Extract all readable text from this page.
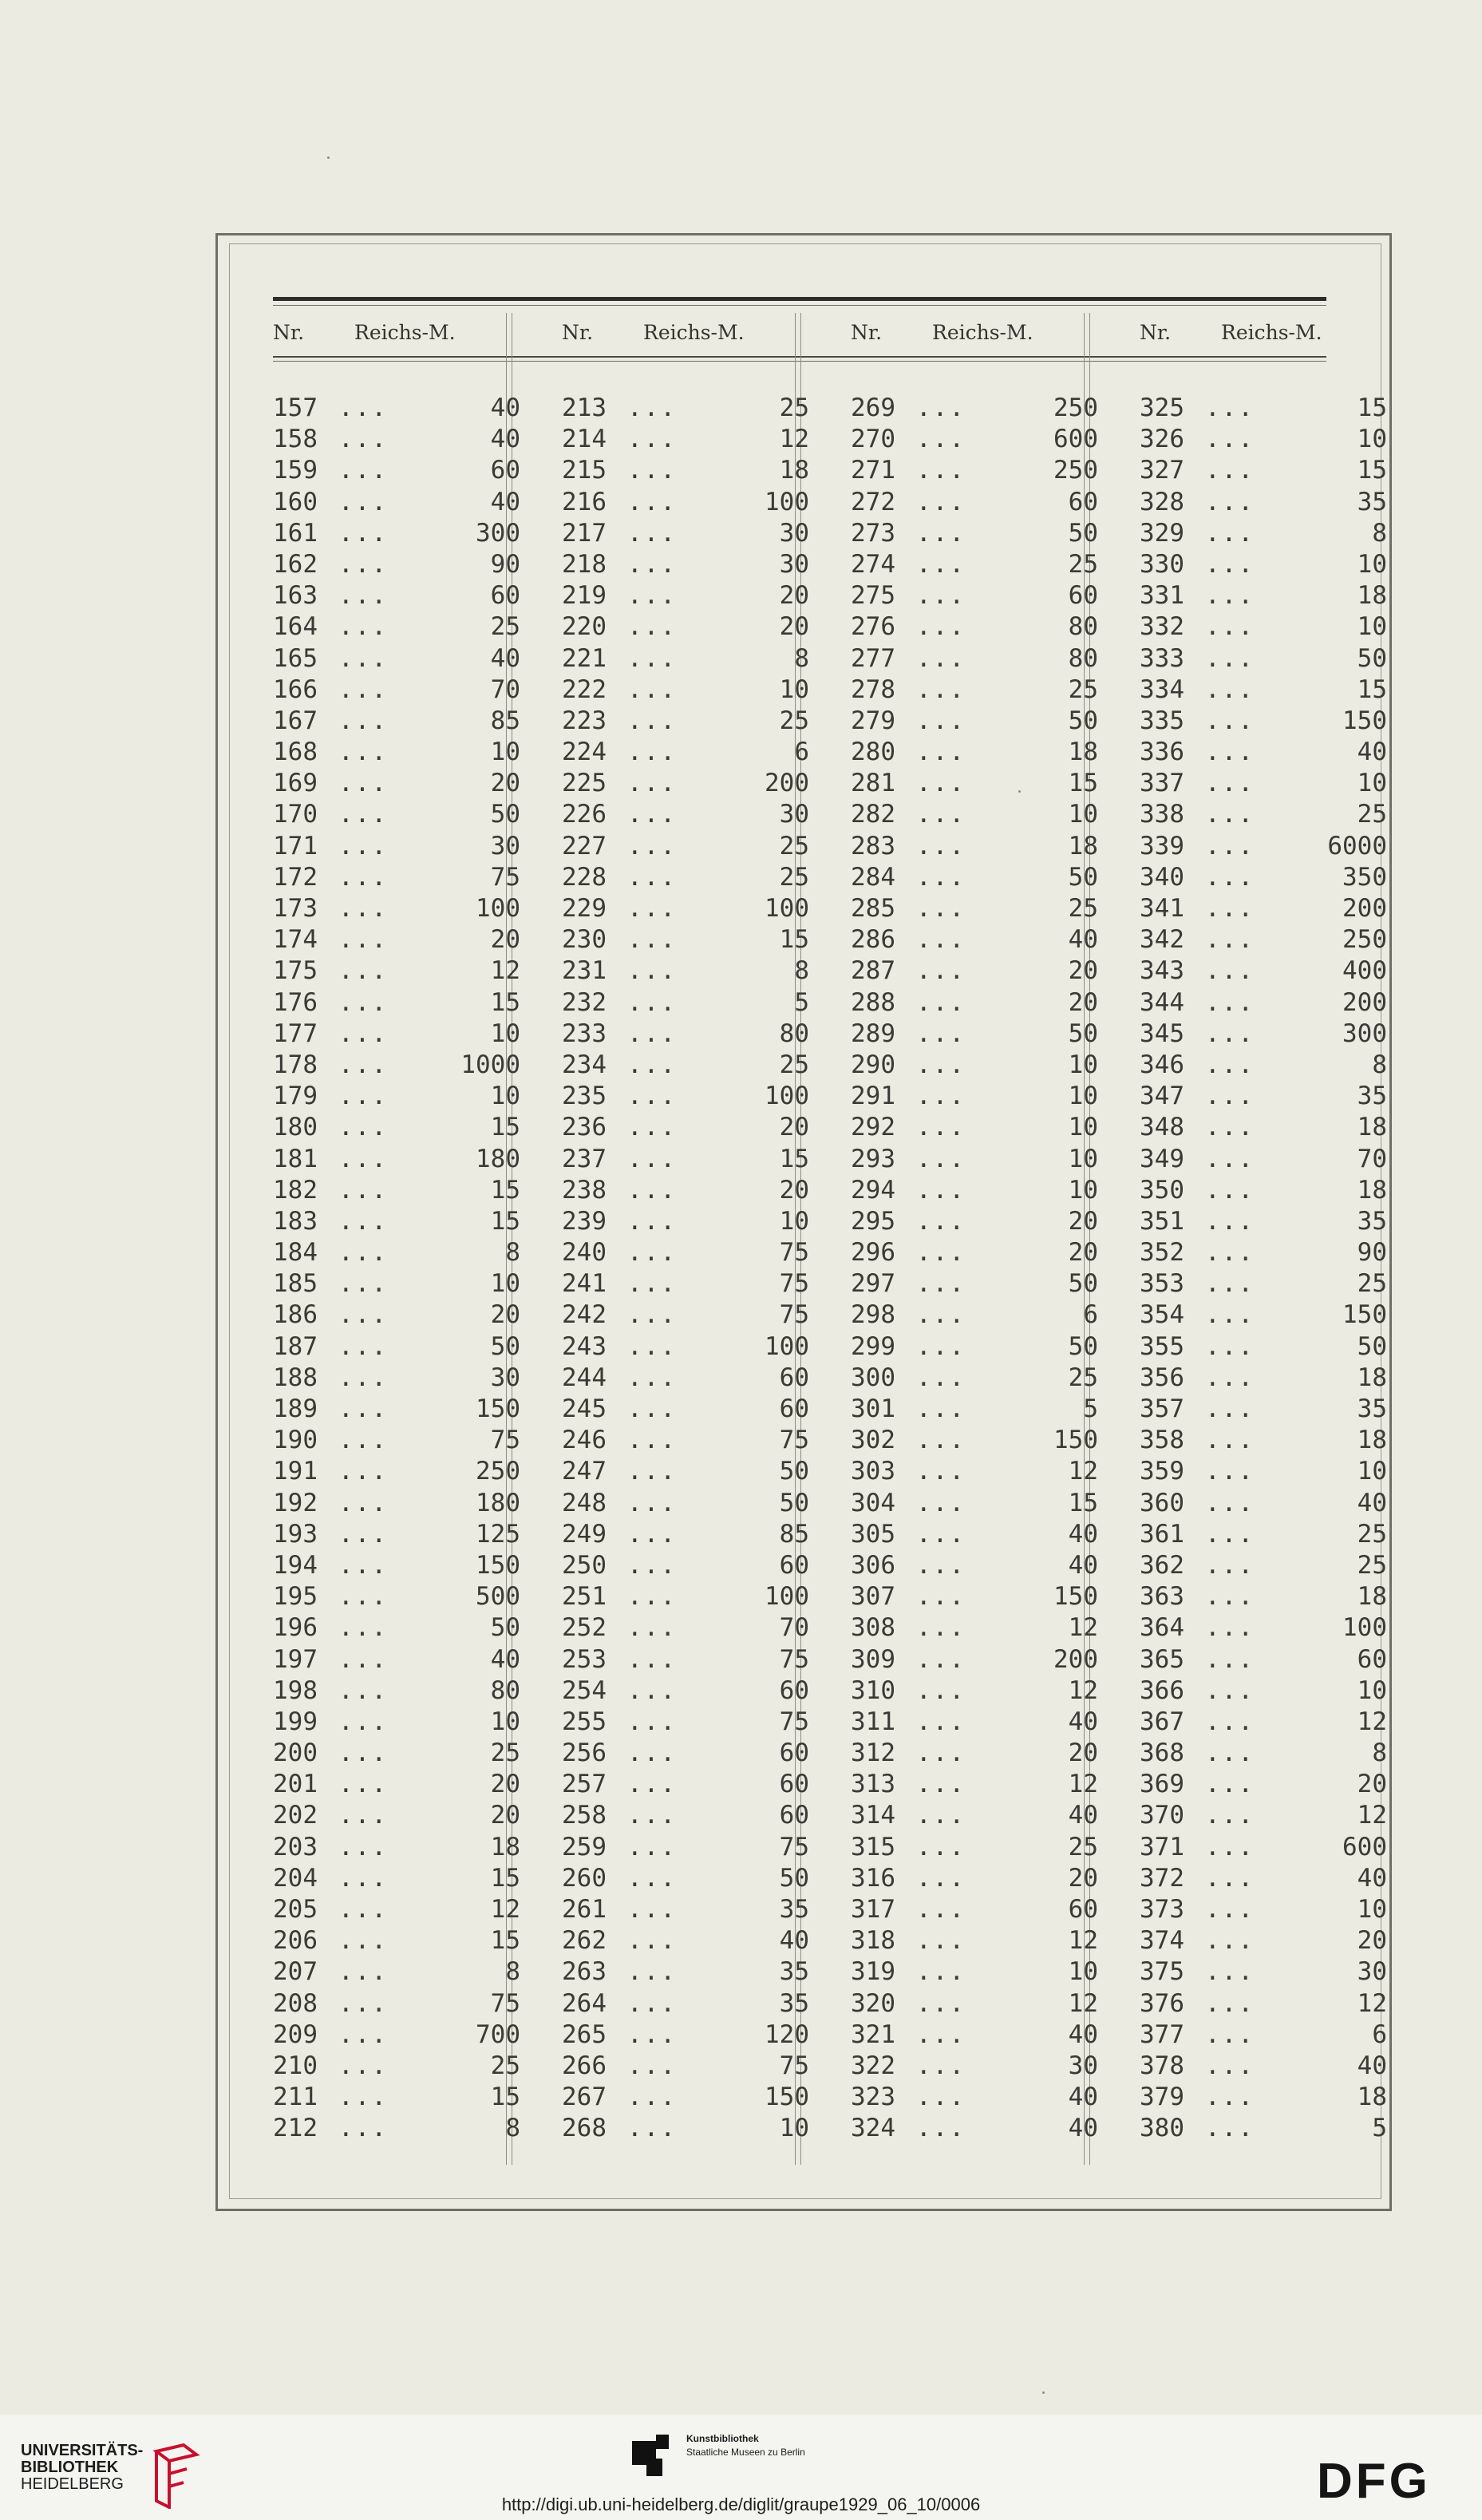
Nr.	Reichs-M.
157 ...	40
158 ...	40
159 ...	60
160 ...	40
161 ...	300
162 ...	90
163 ...	60
164 ...	25
165 ...	40
166 ...	70
167 ...	85
168 ...	10
169 ...	20
170 ...	50
171 ...	30
172 ...	75
173 ...	100
174 ...	20
175 ...	12
176 ...	15
177 ...	10
178 ...	1000
179 ...	10
180 ...	15
181 ...	180
182 ...	15
183 ...	15
184 ...	8
185 ...	10
186 ...	20
187 ...	50
188 ...	30
189 ...	150
190 ...	75
191 ...	250
192 ...	180
193 ...	125
194 ...	150
195 ...	500
196 ...	50
197 ...	40
198 ...	80
199 ...	10
200 ...	25
201 ...	20
202 ...	20
203 ...	18
204 ...	15
205 ...	12
206 ...	15
207 ...	8
208 ...	75
209 ...	700
210 ...	25
211 ...	15
212 ...	8
Nr.	Reichs-M.
213 ...	25
214 ...	12
215 ...	18
216 ...	100
217 ...	30
218 ...	30
219 ...	20
220 ...	20
221 ...	8
222 ...	10
223 ...	25
224 ...	6
225 ...	200
226 ...	30
227 ...	25
228 ...	25
229 ...	100
230 ...	15
231 ...	8
232 ...	5
233 ...	80
234 ...	25
235 ...	100
236 ...	20
237 ...	15
238 ...	20
239 ...	10
240 ...	75
241 ...	75
242 ...	75
243 ...	100
244 ...	60
245 ...	60
246 ...	75
247 ...	50
248 ...	50
249 ...	85
250 ...	60
251 ...	100
252 ...	70
253 ...	75
254 ...	60
255 ...	75
256 ...	60
257 ...	60
258 ...	60
259 ...	75
260 ...	50
261 ...	35
262 ...	40
263 ...	35
264 ...	35
265 ...	120
266 ...	75
267 ...	150
268 ...	10
Nr.	Reichs-M.
269 ...	250
270 ...	600
271 ...	250
272 ...	60
273 ...	50
274 ...	25
275 ...	60
276 ...	80
277 ...	80
278 ...	25
279 ...	50
280 ...	18
281 ...	15
282 ...	10
283 ...	18
284 ...	50
285 ...	25
286 ...	40
287 ...	20
288 ...	20
289 ...	50
290 ...	10
291 ...	10
292 ...	10
293 ...	10
294 ...	10
295 ...	20
296 ...	20
297 ...	50
298 ...	6
299 ...	50
300 ...	25
301 ...	5
302 ...	150
303 ...	12
304 ...	15
305 ...	40
306 ...	40
307 ...	150
308 ...	12
309 ...	200
310 ...	12
311 ...	40
312 ...	20
313 ...	12
314 ...	40
315 ...	25
316 ...	20
317 ...	60
318 ...	12
319 ...	10
320 ...	12
321 ...	40
322 ...	30
323 ...	40
324 ...	40
Nr.	Reichs-M.
325 ...	15
326 ...	10
327 ...	15
328 ...	35
329 ...	8
330 ...	10
331 ...	18
332 ...	10
333 ...	50
334 ...	15
335 ...	150
336 ...	40
337 ...	10
338 ...	25
339 ...	6000
340 ...	350
341 ...	200
342 ...	250
343 ...	400
344 ...	200
345 ...	300
346 ...	8
347 ...	35
348 ...	18
349 ...	70
350 ...	18
351 ...	35
352 ...	90
353 ...	25
354 ...	150
355 ...	50
356 ...	18
357 ...	35
358 ...	18
359 ...	10
360 ...	40
361 ...	25
362 ...	25
363 ...	18
364 ...	100
365 ...	60
366 ...	10
367 ...	12
368 ...	8
369 ...	20
370 ...	12
371 ...	600
372 ...	40
373 ...	10
374 ...	20
375 ...	30
376 ...	12
377 ...	6
378 ...	40
379 ...	18
380 ...	5
UNIVERSITÄTS-
BIBLIOTHEK
HEIDELBERG
Kunstbibliothek
Staatliche Museen zu Berlin
DFG
http://digi.ub.uni-heidelberg.de/diglit/graupe1929_06_10/0006
